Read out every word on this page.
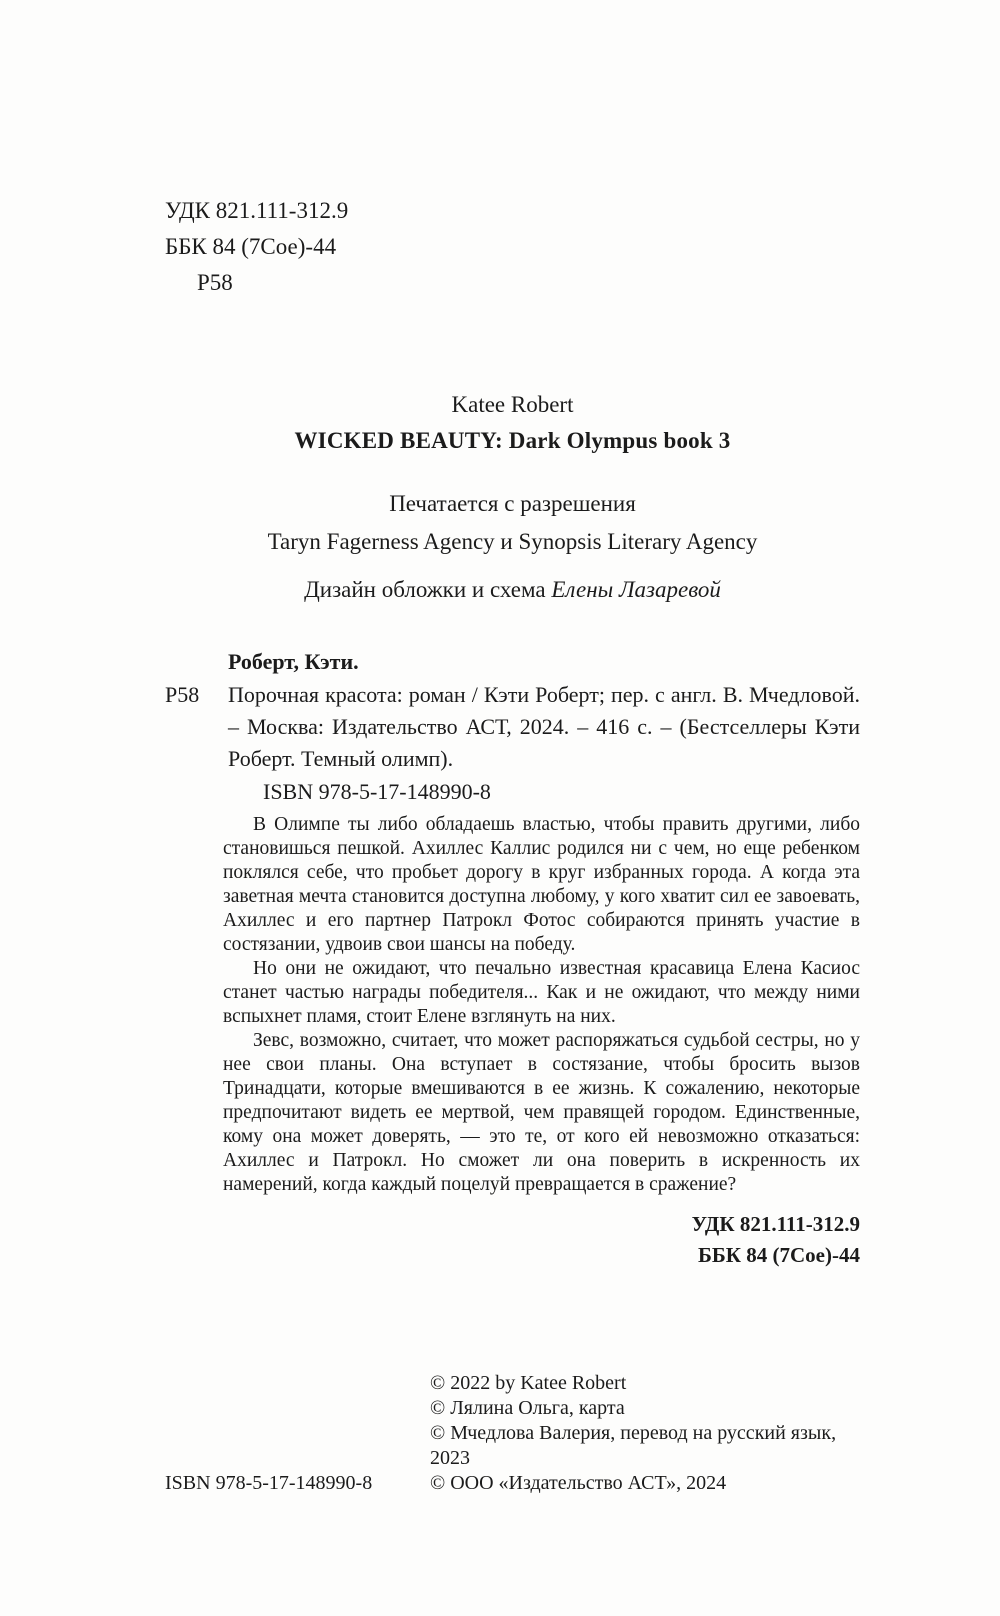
УДК 821.111-312.9
ББК 84 (7Сое)-44
Р58
Katee Robert
WICKED BEAUTY: Dark Olympus book 3
Печатается с разрешения
Taryn Fagerness Agency и Synopsis Literary Agency
Дизайн обложки и схема Елены Лазаревой

Роберт, Кэти.

Р58 Порочная красота: роман / Кэти Роберт; пер. с англ. В. Мчедловой. – Москва: Издательство АСТ, 2024. – 416 с. – (Бестселлеры Кэти Роберт. Темный олимп).

ISBN 978-5-17-148990-8

В Олимпе ты либо обладаешь властью, чтобы править другими, либо становишься пешкой. Ахиллес Каллис родился ни с чем, но еще ребенком поклялся себе, что пробьет дорогу в круг избранных города. А когда эта заветная мечта становится доступна любому, у кого хватит сил ее завоевать, Ахиллес и его партнер Патрокл Фотос собираются принять участие в состязании, удвоив свои шансы на победу.

Но они не ожидают, что печально известная красавица Елена Касиос станет частью награды победителя... Как и не ожидают, что между ними вспыхнет пламя, стоит Елене взглянуть на них.

Зевс, возможно, считает, что может распоряжаться судьбой сестры, но у нее свои планы. Она вступает в состязание, чтобы бросить вызов Тринадцати, которые вмешиваются в ее жизнь. К сожалению, некоторые предпочитают видеть ее мертвой, чем правящей городом. Единственные, кому она может доверять, — это те, от кого ей невозможно отказаться: Ахиллес и Патрокл. Но сможет ли она поверить в искренность их намерений, когда каждый поцелуй превращается в сражение?

УДК 821.111-312.9
ББК 84 (7Сое)-44
ISBN 978-5-17-148990-8
© 2022 by Katee Robert
© Лялина Ольга, карта
© Мчедлова Валерия, перевод на русский язык, 2023
© ООО «Издательство АСТ», 2024
